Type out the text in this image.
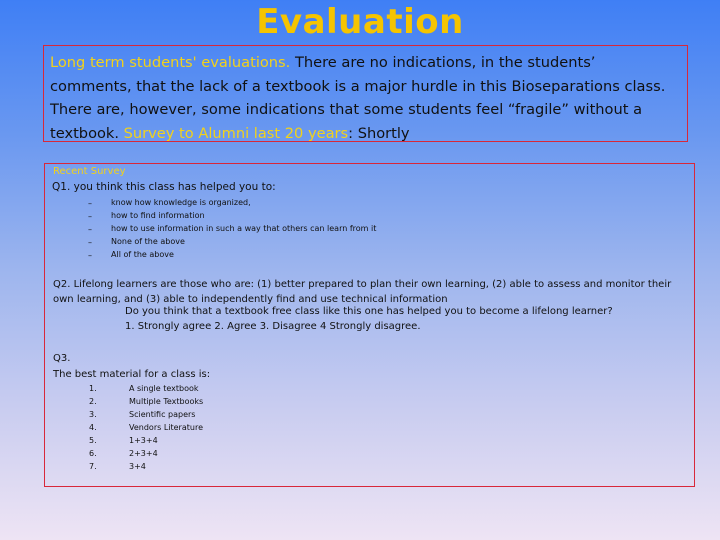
Evaluation
Long term students' evaluations. There are no indications, in the students’ comments, that the lack of a textbook is a major hurdle in this Bioseparations class. There are, however, some indications that some students feel “fragile” without a textbook. Survey to Alumni last 20 years: Shortly
Recent Survey
Q1. you think this class has helped you to:
– know how knowledge is organized,
– how to find information
– how to use information in such a way that others can learn from it
– None of the above
– All of the above
Q2. Lifelong learners are those who are: (1) better prepared to plan their own learning, (2) able to assess and monitor their own learning, and (3) able to independently find and use technical information
Do you think that a textbook free class like this one has helped you to become a lifelong learner?
1. Strongly agree 2. Agree 3. Disagree 4 Strongly disagree.
Q3.
The best material for a class is:
1.	A single textbook
2.	Multiple Textbooks
3.	Scientific papers
4.	Vendors Literature
5.	1+3+4
6.	2+3+4
7.	3+4
